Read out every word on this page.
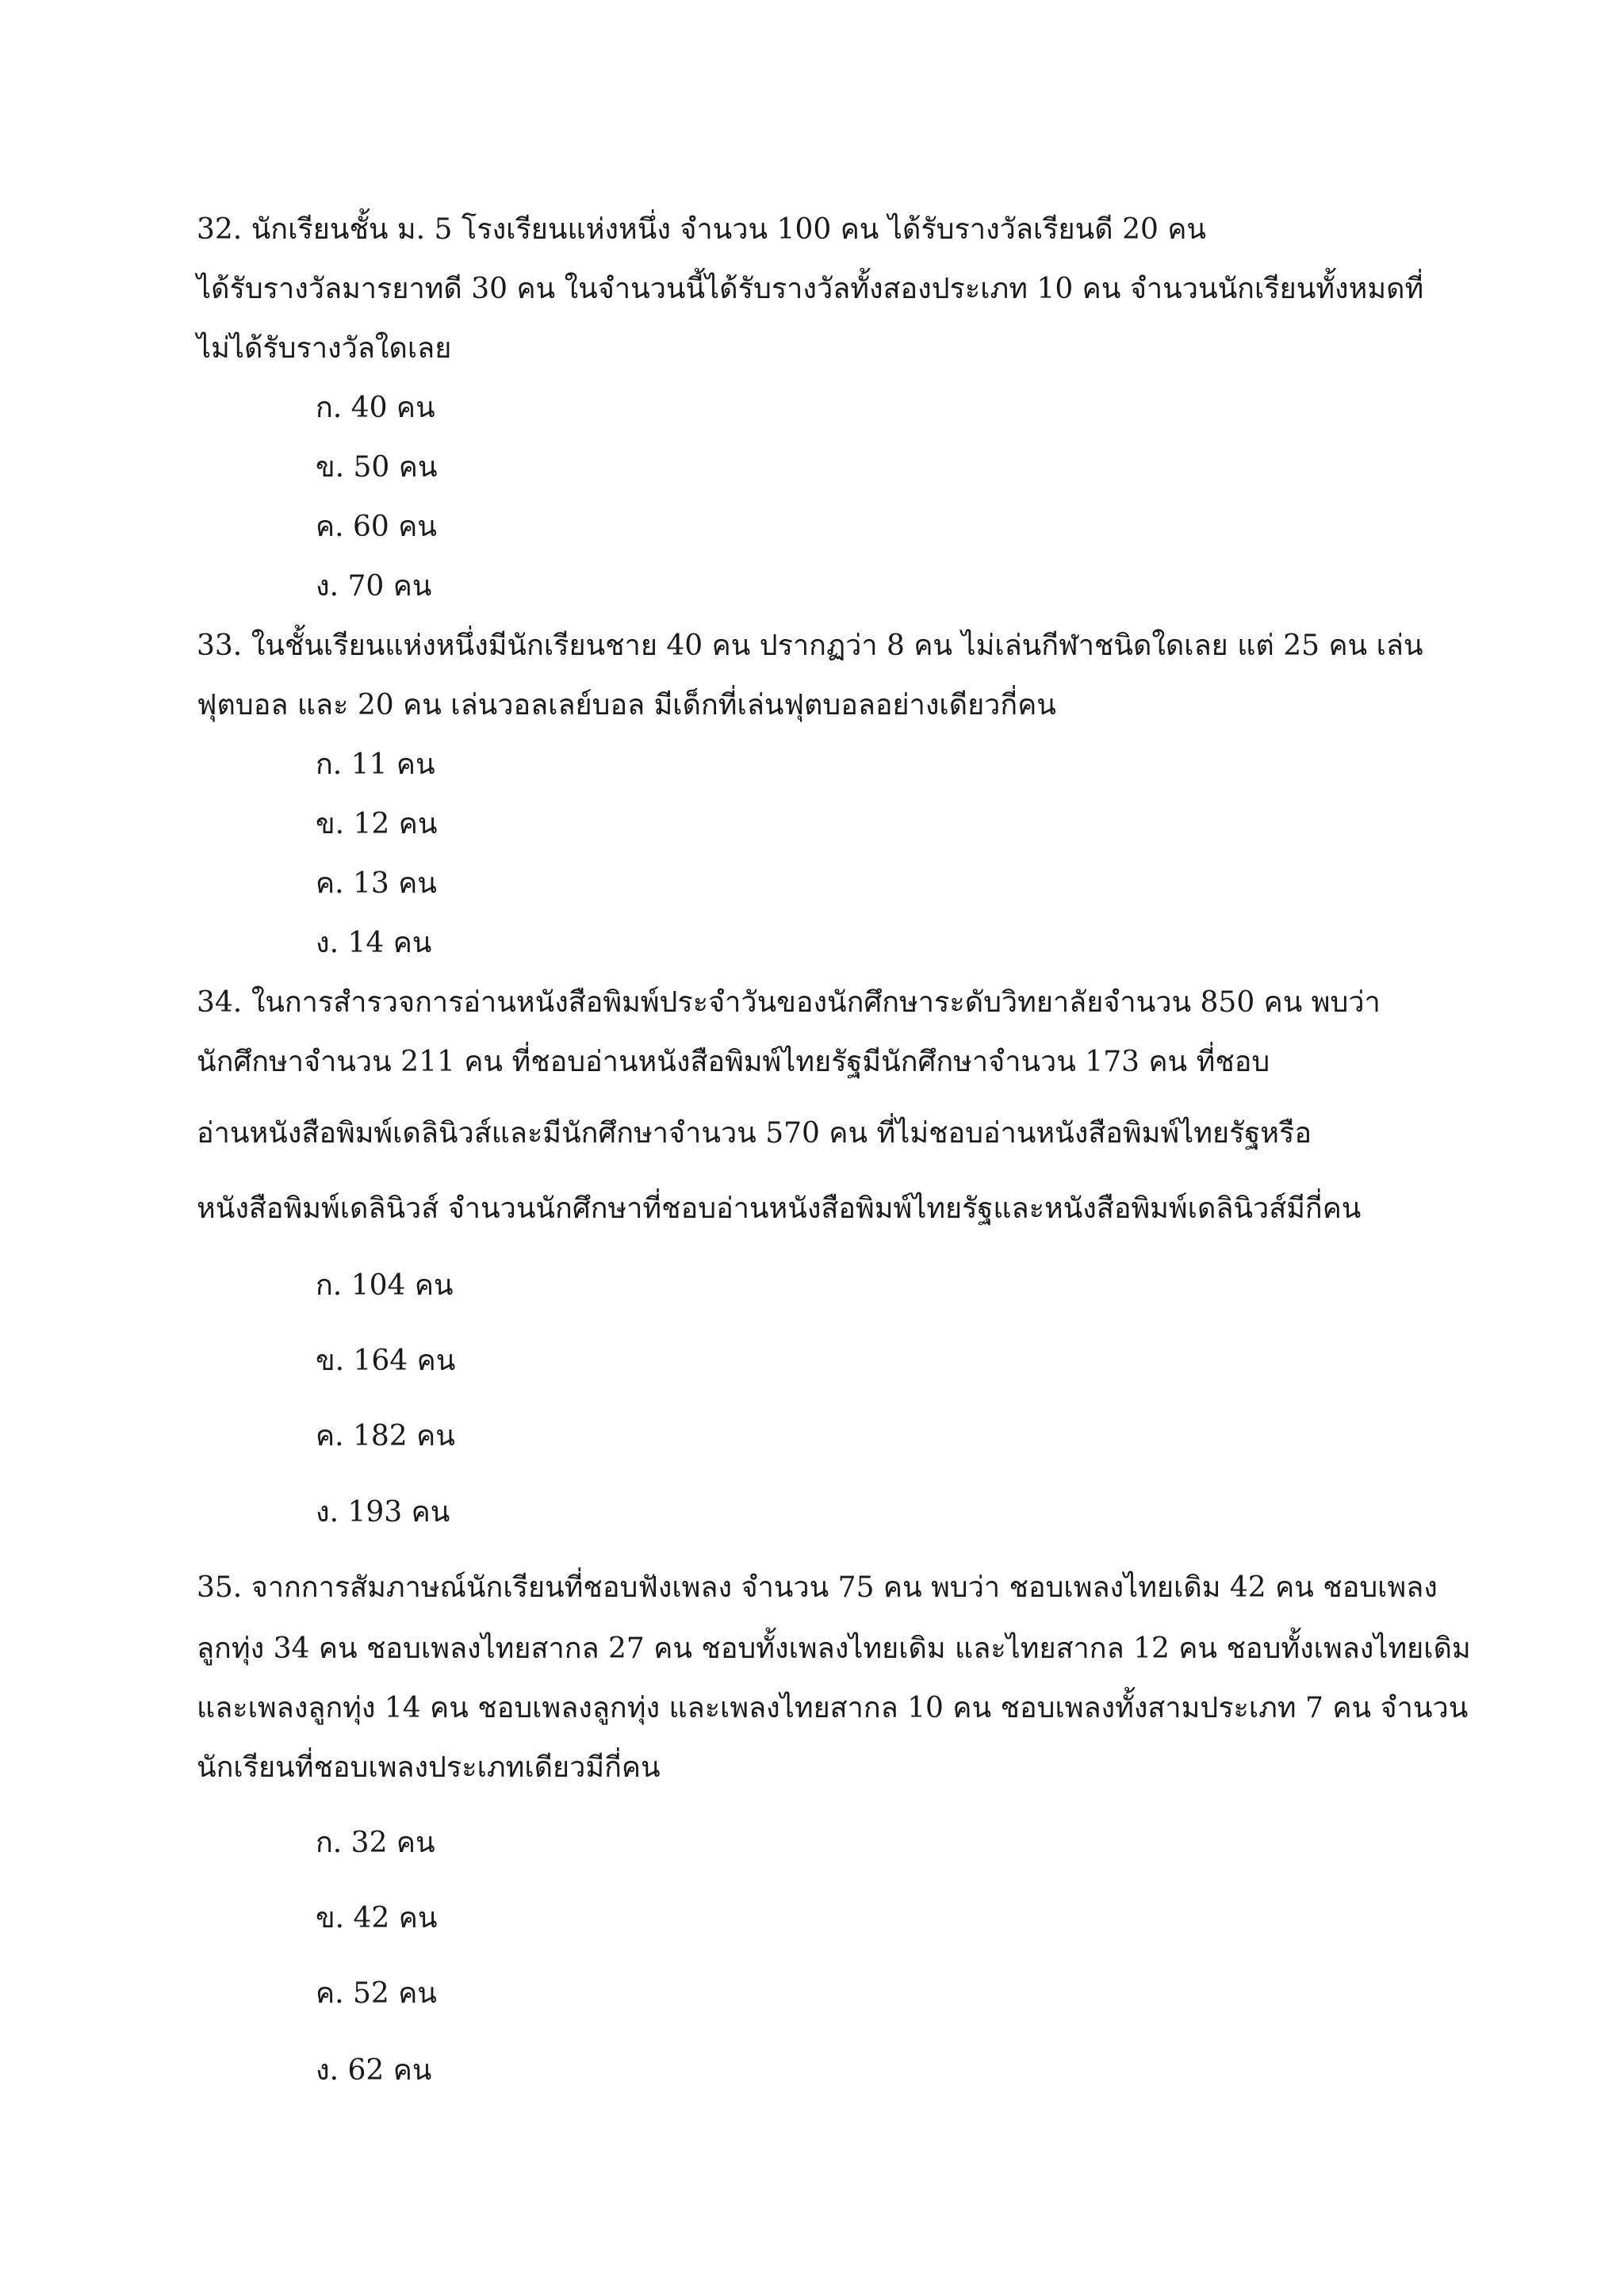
32. นักเรียนชั้น ม. 5 โรงเรียนแห่งหนึ่ง จำนวน 100 คน ได้รับรางวัลเรียนดี 20 คน
ได้รับรางวัลมารยาทดี 30 คน ในจำนวนนี้ได้รับรางวัลทั้งสองประเภท 10 คน จำนวนนักเรียนทั้งหมดที่
ไม่ได้รับรางวัลใดเลย
ก. 40 คน
ข. 50 คน
ค. 60 คน
ง. 70 คน
33. ในชั้นเรียนแห่งหนึ่งมีนักเรียนชาย 40 คน ปรากฏว่า 8 คน ไม่เล่นกีฬาชนิดใดเลย แต่ 25 คน เล่น
ฟุตบอล และ 20 คน เล่นวอลเลย์บอล มีเด็กที่เล่นฟุตบอลอย่างเดียวกี่คน
ก. 11 คน
ข. 12 คน
ค. 13 คน
ง. 14 คน
34. ในการสำรวจการอ่านหนังสือพิมพ์ประจำวันของนักศึกษาระดับวิทยาลัยจำนวน 850 คน พบว่า
นักศึกษาจำนวน 211 คน ที่ชอบอ่านหนังสือพิมพ์ไทยรัฐมีนักศึกษาจำนวน 173 คน ที่ชอบ
อ่านหนังสือพิมพ์เดลินิวส์และมีนักศึกษาจำนวน 570 คน ที่ไม่ชอบอ่านหนังสือพิมพ์ไทยรัฐหรือ
หนังสือพิมพ์เดลินิวส์ จำนวนนักศึกษาที่ชอบอ่านหนังสือพิมพ์ไทยรัฐและหนังสือพิมพ์เดลินิวส์มีกี่คน
ก. 104 คน
ข. 164 คน
ค. 182 คน
ง. 193 คน
35. จากการสัมภาษณ์นักเรียนที่ชอบฟังเพลง จำนวน 75 คน พบว่า ชอบเพลงไทยเดิม 42 คน ชอบเพลง
ลูกทุ่ง 34 คน ชอบเพลงไทยสากล 27 คน ชอบทั้งเพลงไทยเดิม และไทยสากล 12 คน ชอบทั้งเพลงไทยเดิม
และเพลงลูกทุ่ง 14 คน ชอบเพลงลูกทุ่ง และเพลงไทยสากล 10 คน ชอบเพลงทั้งสามประเภท 7 คน จำนวน
นักเรียนที่ชอบเพลงประเภทเดียวมีกี่คน
ก. 32 คน
ข. 42 คน
ค. 52 คน
ง. 62 คน
